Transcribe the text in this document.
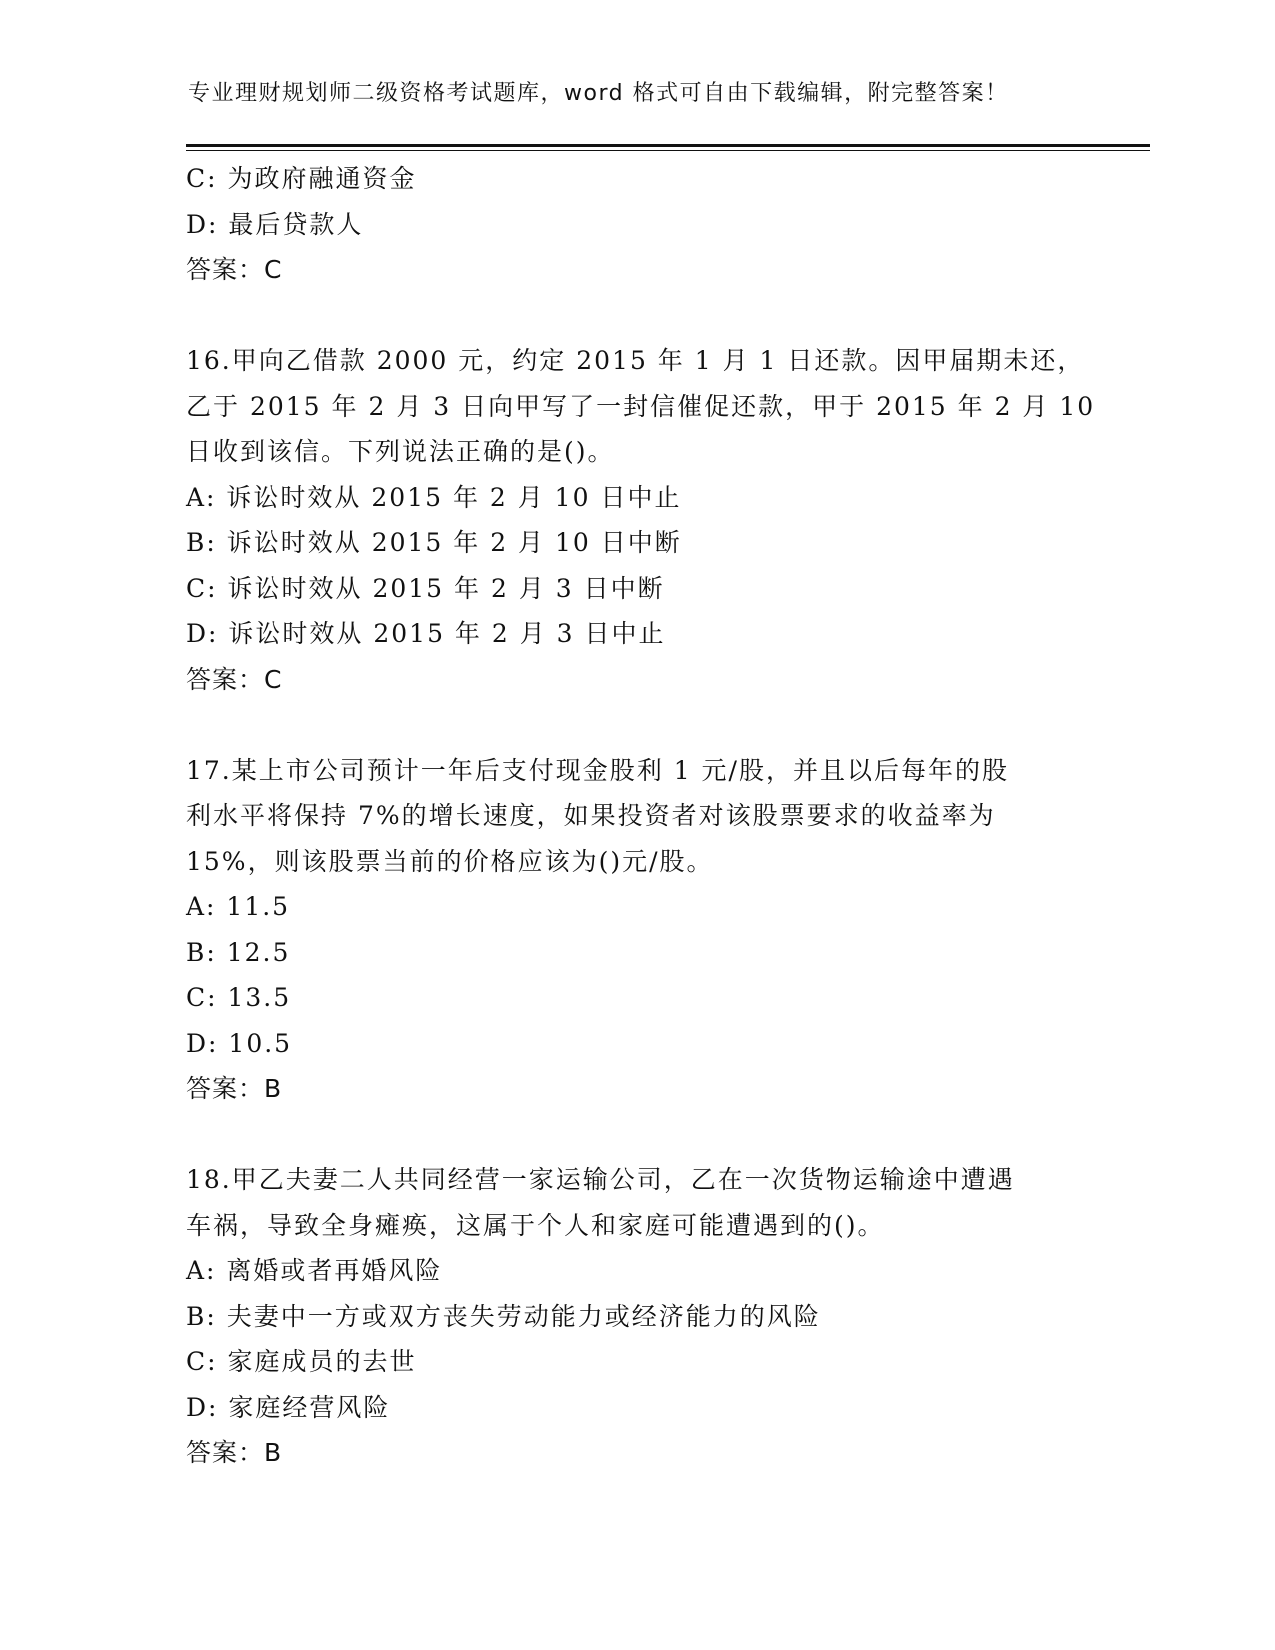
专业理财规划师二级资格考试题库，word 格式可自由下载编辑，附完整答案！
C: 为政府融通资金
D: 最后贷款人
答案：C
16.甲向乙借款 2000 元，约定 2015 年 1 月 1 日还款。因甲届期未还，
乙于 2015 年 2 月 3 日向甲写了一封信催促还款，甲于 2015 年 2 月 10
日收到该信。下列说法正确的是()。
A: 诉讼时效从 2015 年 2 月 10 日中止
B: 诉讼时效从 2015 年 2 月 10 日中断
C: 诉讼时效从 2015 年 2 月 3 日中断
D: 诉讼时效从 2015 年 2 月 3 日中止
答案：C
17.某上市公司预计一年后支付现金股利 1 元/股，并且以后每年的股
利水平将保持 7%的增长速度，如果投资者对该股票要求的收益率为
15%，则该股票当前的价格应该为()元/股。
A: 11.5
B: 12.5
C: 13.5
D: 10.5
答案：B
18.甲乙夫妻二人共同经营一家运输公司，乙在一次货物运输途中遭遇
车祸，导致全身瘫痪，这属于个人和家庭可能遭遇到的()。
A: 离婚或者再婚风险
B: 夫妻中一方或双方丧失劳动能力或经济能力的风险
C: 家庭成员的去世
D: 家庭经营风险
答案：B
